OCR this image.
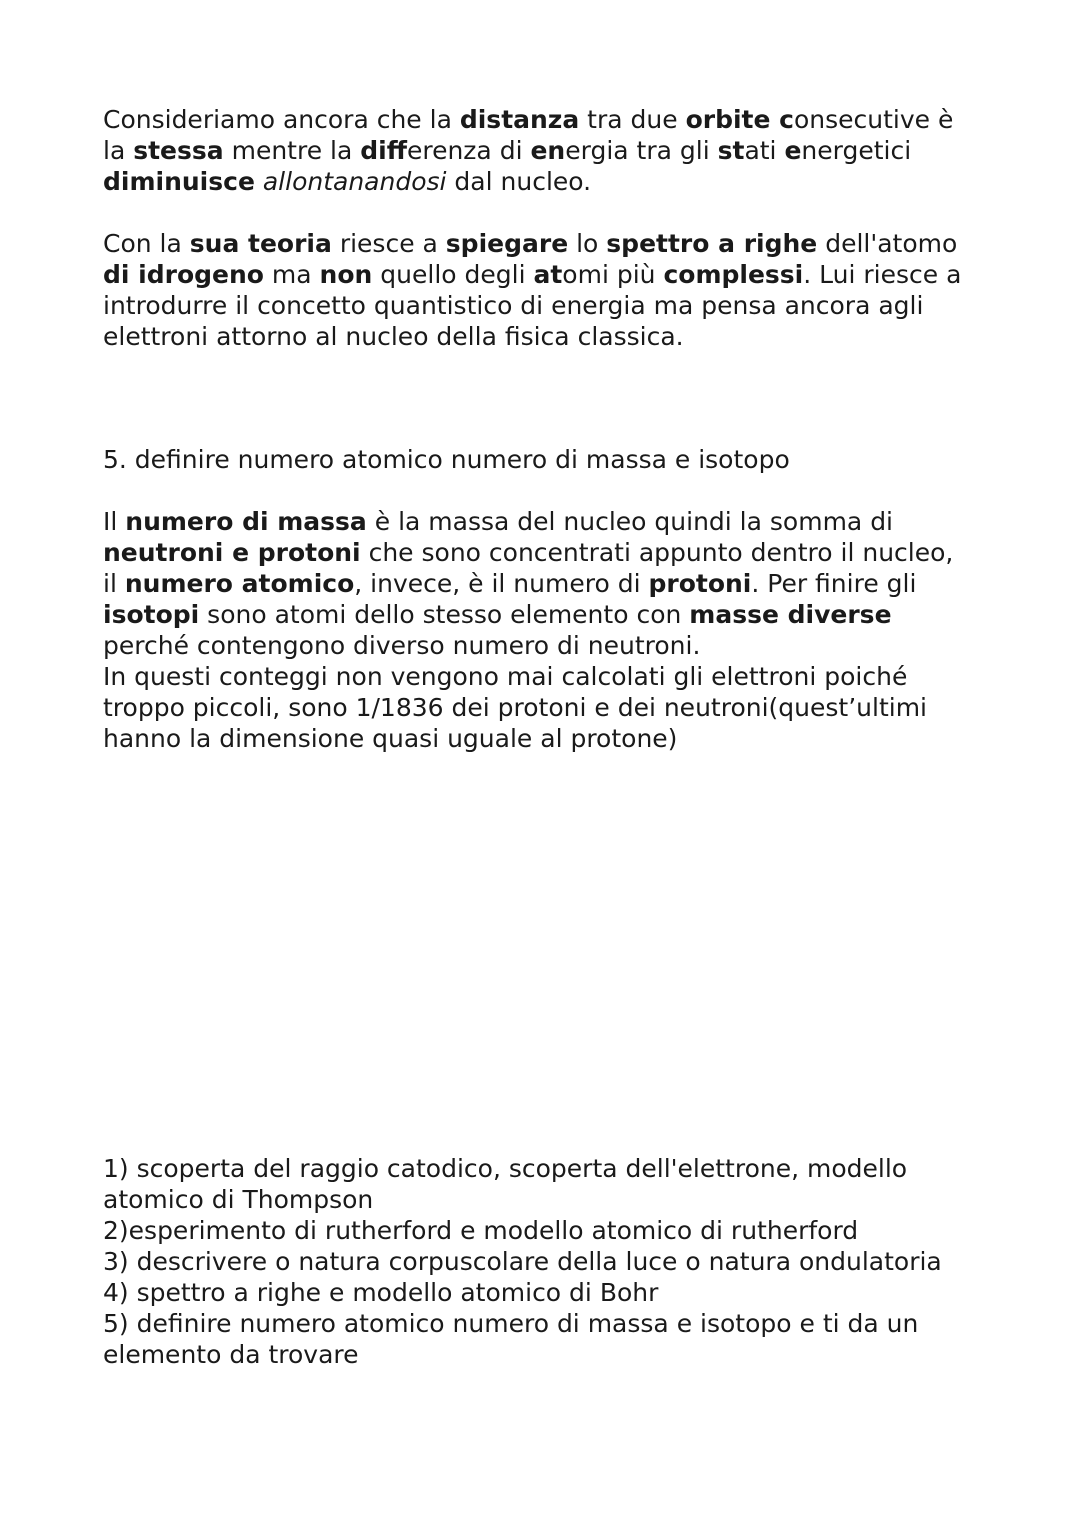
Consideriamo ancora che la distanza tra due orbite consecutive è
la stessa mentre la differenza di energia tra gli stati energetici
diminuisce allontanandosi dal nucleo.
Con la sua teoria riesce a spiegare lo spettro a righe dell'atomo
di idrogeno ma non quello degli atomi più complessi. Lui riesce a
introdurre il concetto quantistico di energia ma pensa ancora agli
elettroni attorno al nucleo della fisica classica.
5. definire numero atomico numero di massa e isotopo
Il numero di massa è la massa del nucleo quindi la somma di
neutroni e protoni che sono concentrati appunto dentro il nucleo,
il numero atomico, invece, è il numero di protoni. Per finire gli
isotopi sono atomi dello stesso elemento con masse diverse
perché contengono diverso numero di neutroni.
In questi conteggi non vengono mai calcolati gli elettroni poiché
troppo piccoli, sono 1/1836 dei protoni e dei neutroni(quest’ultimi
hanno la dimensione quasi uguale al protone)
1) scoperta del raggio catodico, scoperta dell'elettrone, modello
atomico di Thompson
2)esperimento di rutherford e modello atomico di rutherford
3) descrivere o natura corpuscolare della luce o natura ondulatoria
4) spettro a righe e modello atomico di Bohr
5) definire numero atomico numero di massa e isotopo e ti da un
elemento da trovare
